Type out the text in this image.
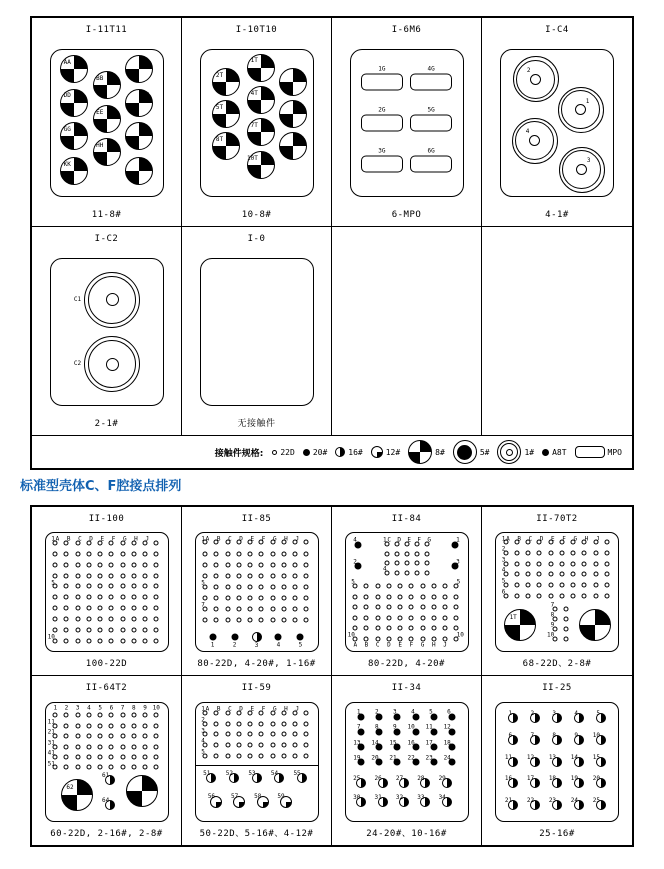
接触件规格: 22D 20#	16#	12#	8#	5#	1# A8T	MPO
I-11T11
AA	CC
BB
DD	FF
EE
GG	JJ
HH
KK	LL
11-8#
I-10T10
1T
2T	3T
4T
5T	6T
7T
8T	9T
10T
10-8#
I-6M6
1G	4G
2G	5G
3G	6G
6-MPO
I-C4
2
1
4
3
4-1#
I-C2
C1
C2
2-1#
I-0
无接触件
标准型壳体C、F腔接点排列
II-100
A
1 B C D E F G H J
5
10
100-22D
II-85
A
1 B C D E F G H J
5
7
1	2	3	4	5
80-22D, 4-20#, 1-16#
II-84
C
1 D E F G
4
5	5
10
A B C D E F G H J
10
4	1
2	3
80-22D, 4-20#
II-70T2
A
1 B C D E F G H J
2
3
4
5
6
7
8
9
10
1T	2T
68-22D、2-8#
II-64T2
1 2 3 4 5 6 7 8 9 10
11
21
31
41
51
61
62
63
64
60-22D, 2-16#, 2-8#
II-59
A
1 B C D E F G H J
2
3
4
5
51	52	53	54	55
56	57	58	59
50-22D、5-16#、4-12#
II-34
1 2 3 4 5 6
7 8 9 10 11 12
13 14 15 16 17 18
19 20 21 22 23 24
25 26 27 28 29
30 31 32 33 34
24-20#、10-16#
II-25
1	2	3	4	5
6	7	8	9 10
11 12 13 14 15
16 17 18 19 20
21 22 23 24 25
25-16#
